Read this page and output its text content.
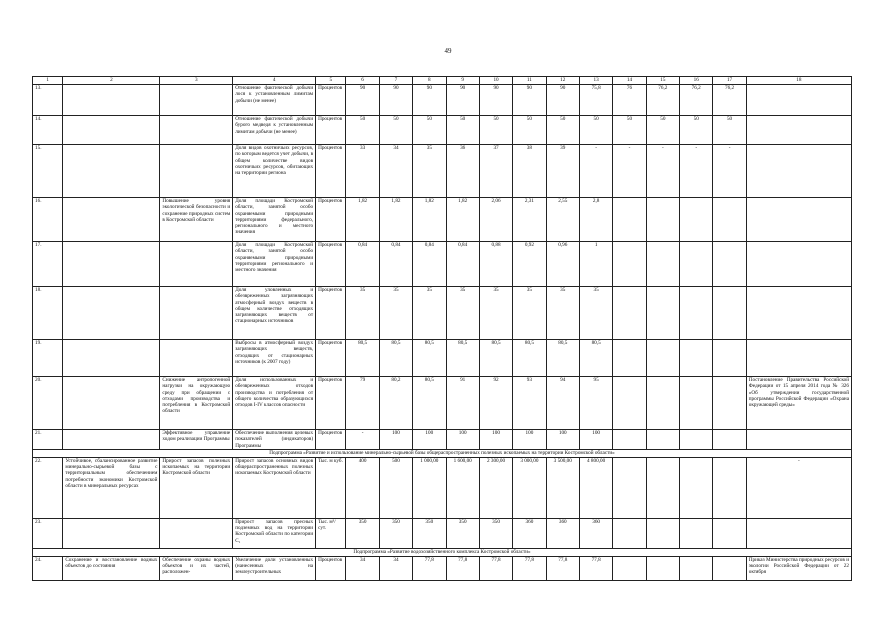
49
1	2	3	4	5	6	7	8	9	10	11	12	13	14	15	16	17	18
13.			Отношение фактической добычи лося к установленным лимитам добычи (не менее)	Процентов	90	90	90	90	90	90	90	75,8	76	76,2	76,2	76,2	
14.			Отношение фактической добычи бурого медведя к установленным лимитам добычи (не менее)	Процентов	50	50	50	50	50	50	50	50	50	50	50	50	
15.			Доля видов охотничьих ресурсов, по которым ведется учет добычи, в общем количестве видов охотничьих ресурсов, обитающих на территории региона	Процентов	33	34	35	36	37	38	39	-	-	-	-	-	
16.		Повышение уровня экологической безопасности и сохранение природных систем в Костромской области	Доля площади Костромской области, занятой особо охраняемыми природными территориями федерального, регионального и местного значения	Процентов	1,82	1,82	1,82	1,82	2,06	2,31	2,55	2,8					
17.			Доля площади Костромской области, занятой особо охраняемыми природными территориями регионального и местного значения	Процентов	0,84	0,84	0,84	0,84	0,88	0,92	0,96	1					
18.			Доля уловленных и обезвреженных загрязняющих атмосферный воздух веществ в общем количестве отходящих загрязняющих веществ от стационарных источников	Процентов	35	35	35	35	35	35	35	35					
19.			Выбросы в атмосферный воздух загрязняющих веществ, отходящих от стационарных источников (к 2007 году)	Процентов	80,5	80,5	80,5	80,5	80,5	80,5	80,5	80,5					
20.		Снижение антропогенной нагрузки на окружающую среду при обращении с отходами производства и потребления в Костромской области	Доля использованных и обезвреженных отходов производства и потребления от общего количества образующихся отходов I-IV классов опасности	Процентов	79	80,2	80,5	91	92	93	94	95					Постановление Правительства Российской Федерации от 15 апреля 2014 года № 326 «Об утверждении государственной программы Российской Федерации «Охрана окружающей среды»
21.		Эффективное управление ходом реализации Программы	Обеспечение выполнения целевых показателей (индикаторов) Программы	Процентов	-	100	100	100	100	100	100	100					
Подпрограмма «Развитие и использование минерально-сырьевой базы общераспространенных полезных ископаемых на территории Костромской области»																	
22.	Устойчивое, сбалансированное развитие минерально-сырьевой базы с территориальным обеспечением потребности экономики Костромской области в минеральных ресурсах	Прирост запасов полезных ископаемых на территории Костромской области	Прирост запасов основных видов общераспространенных полезных ископаемых Костромской области	Тыс. м куб.	400	500	1 000,00	1 600,00	2 300,00	3 000,00	3 500,00	4 800,00					-
23.			Прирост запасов пресных подземных вод на территории Костромской области по категории C₁	Тыс. м³/сут.	350	350	350	350	350	360	360	360					
Подпрограмма «Развитие водохозяйственного комплекса Костромской области»																	
24.	Сохранение и восстановление водных объектов до состояния	Обеспечение охраны водных объектов и их частей, расположен-	Увеличение доли установленных (нанесенных на землеустроительных	Процентов	34	34	77,8	77,8	77,8	77,8	77,8	77,8					Приказ Министерства природных ресурсов и экологии Российской Федерации от 22 октября
